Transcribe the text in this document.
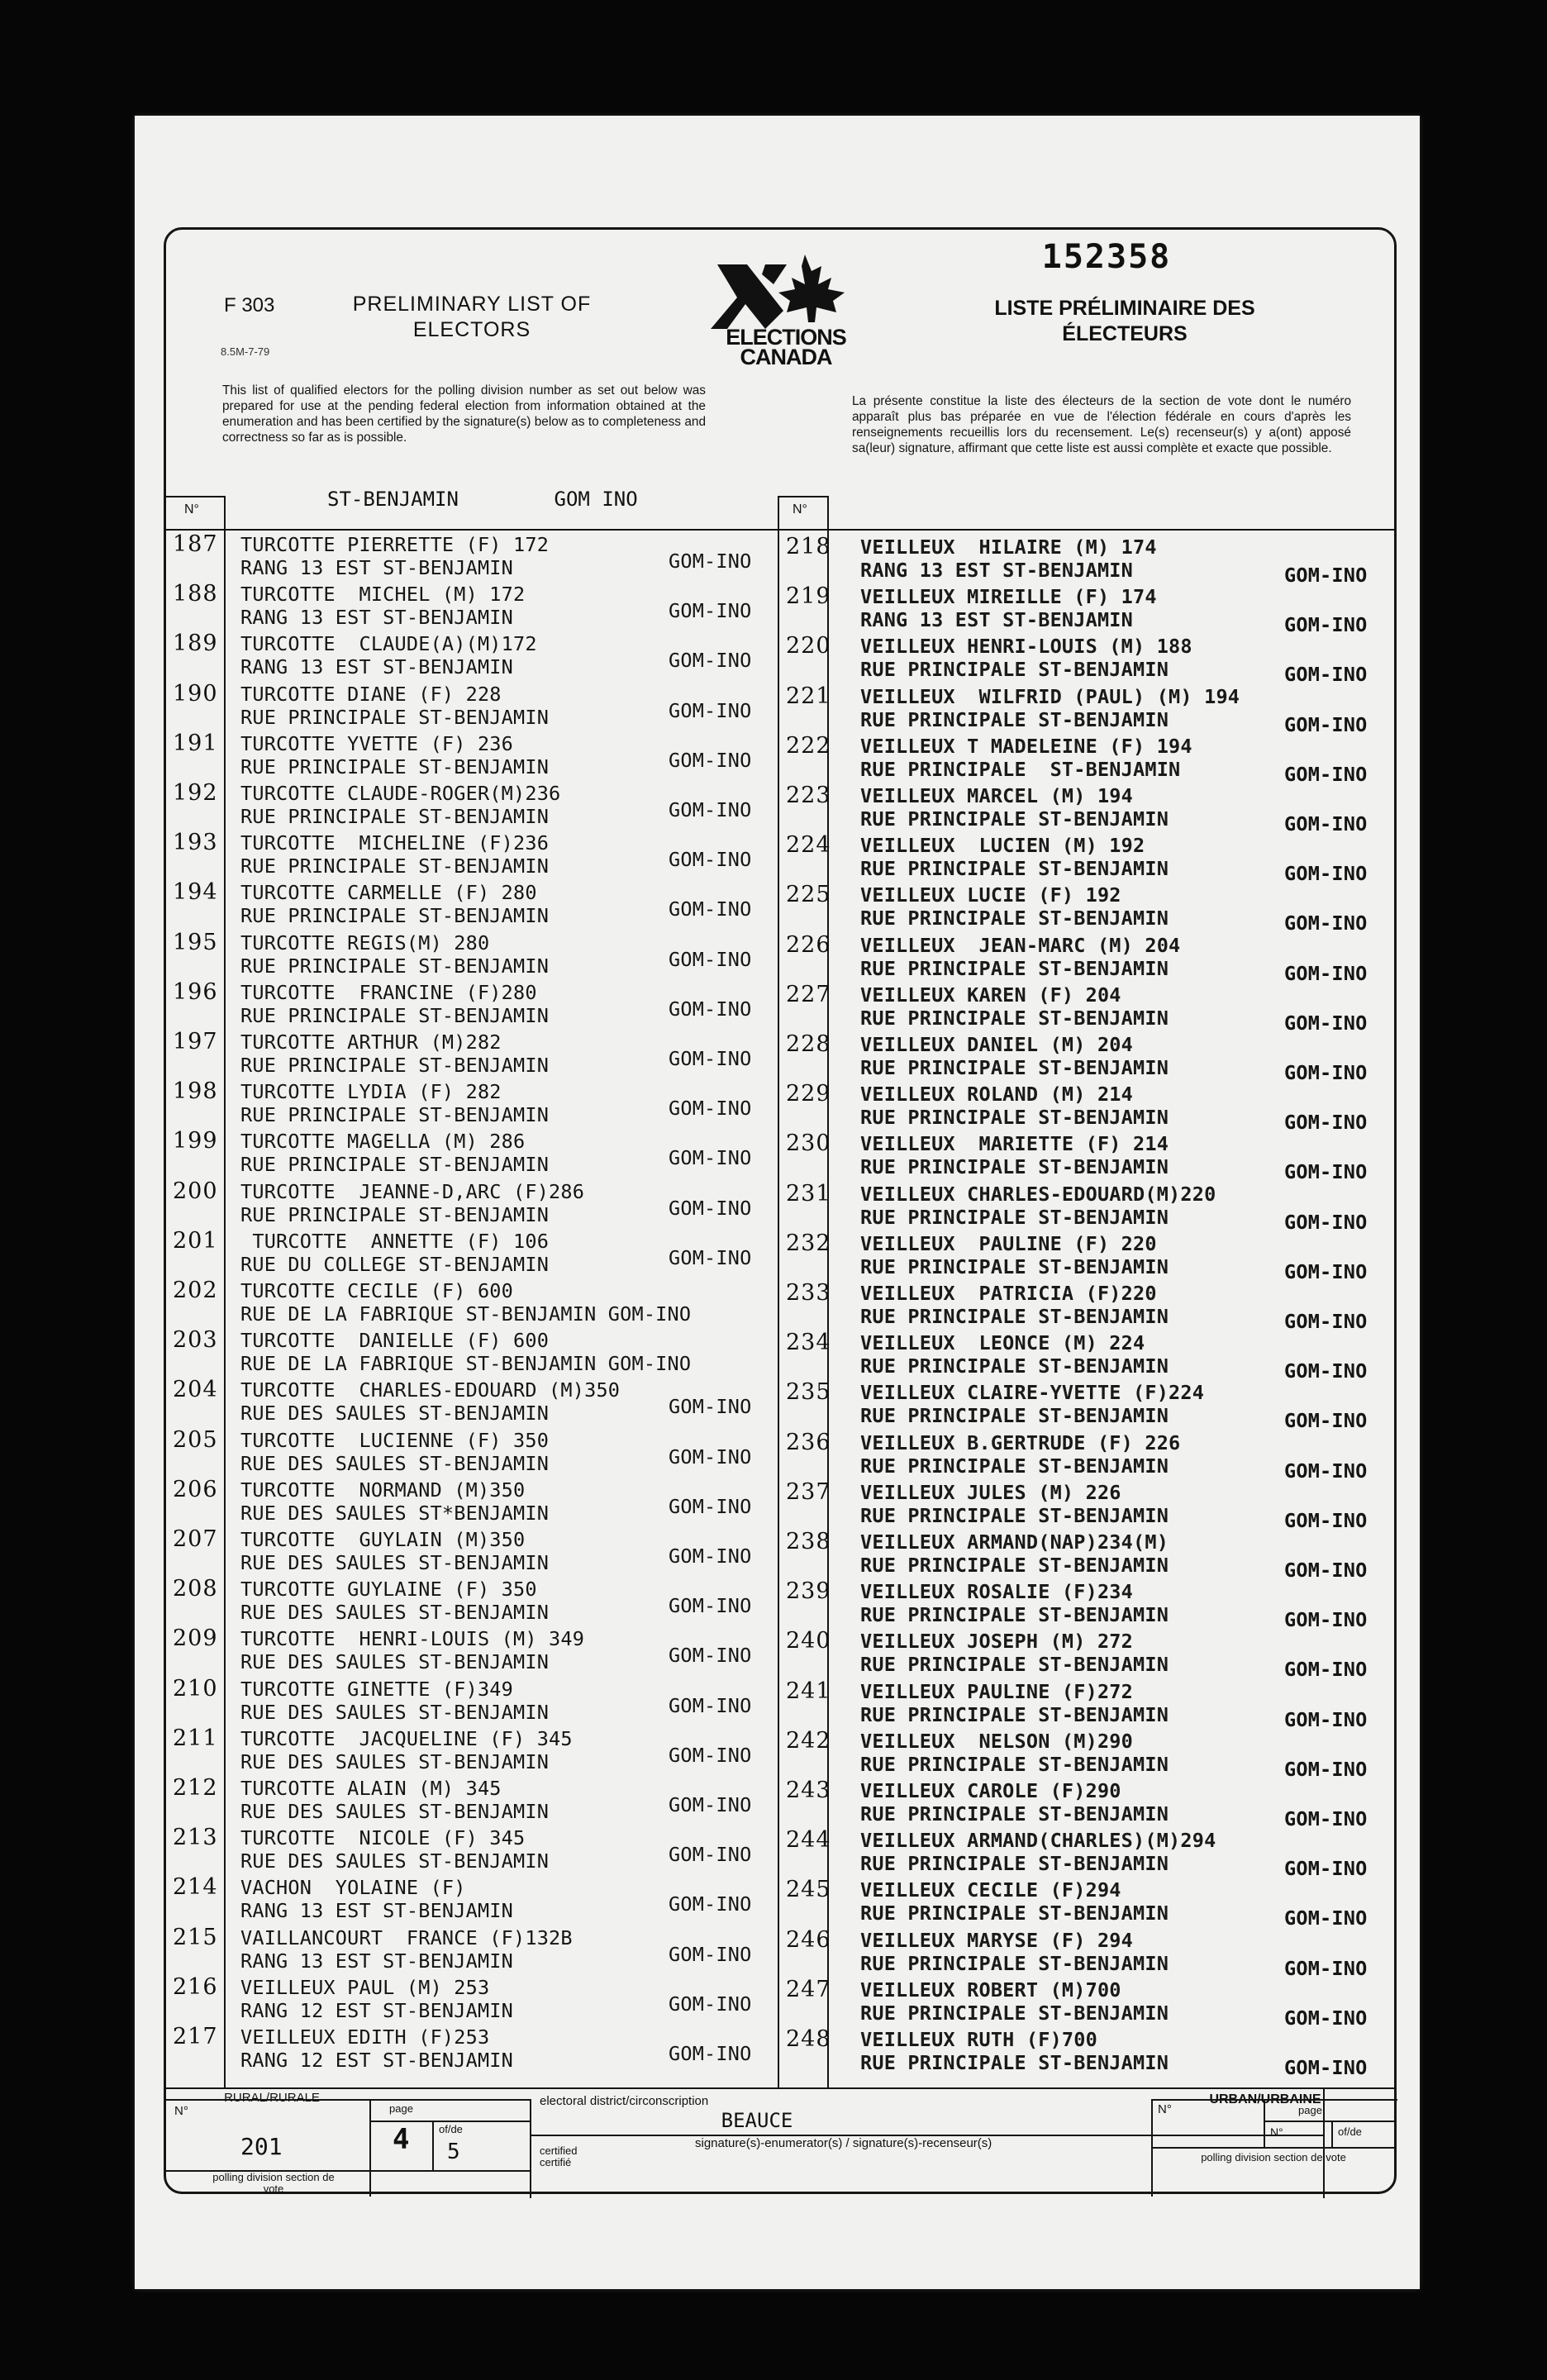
F 303
8.5M-7-79
PRELIMINARY LIST OF ELECTORS	ELECTIONS
CANADA
152358
LISTE PRÉLIMINAIRE DES ÉLECTEURS
This list of qualified electors for the polling division number as set out below was prepared for use at the pending federal election from information obtained at the enumeration and has been certified by the signature(s) below as to completeness and correctness so far as is possible.
La présente constitue la liste des électeurs de la section de vote dont le numéro apparaît plus bas préparée en vue de l'élection fédérale en cours d'après les renseignements recueillis lors du recensement. Le(s) recenseur(s) y a(ont) apposé sa(leur) signature, affirmant que cette liste est aussi complète et exacte que possible.
N°	N°
ST-BENJAMIN        GOM INO
187 TURCOTTE PIERRETTE (F) 172
RANG 13 EST ST-BENJAMIN	GOM-INO
188 TURCOTTE  MICHEL (M) 172
RANG 13 EST ST-BENJAMIN	GOM-INO
189 TURCOTTE  CLAUDE(A)(M)172
RANG 13 EST ST-BENJAMIN	GOM-INO
190 TURCOTTE DIANE (F) 228
RUE PRINCIPALE ST-BENJAMIN	GOM-INO
191 TURCOTTE YVETTE (F) 236
RUE PRINCIPALE ST-BENJAMIN	GOM-INO
192 TURCOTTE CLAUDE-ROGER(M)236
RUE PRINCIPALE ST-BENJAMIN	GOM-INO
193 TURCOTTE  MICHELINE (F)236
RUE PRINCIPALE ST-BENJAMIN	GOM-INO
194 TURCOTTE CARMELLE (F) 280
RUE PRINCIPALE ST-BENJAMIN	GOM-INO
195 TURCOTTE REGIS(M) 280
RUE PRINCIPALE ST-BENJAMIN	GOM-INO
196 TURCOTTE  FRANCINE (F)280
RUE PRINCIPALE ST-BENJAMIN	GOM-INO
197 TURCOTTE ARTHUR (M)282
RUE PRINCIPALE ST-BENJAMIN	GOM-INO
198 TURCOTTE LYDIA (F) 282
RUE PRINCIPALE ST-BENJAMIN	GOM-INO
199 TURCOTTE MAGELLA (M) 286
RUE PRINCIPALE ST-BENJAMIN	GOM-INO
200 TURCOTTE  JEANNE-D,ARC (F)286
RUE PRINCIPALE ST-BENJAMIN	GOM-INO
201 TURCOTTE  ANNETTE (F) 106
RUE DU COLLEGE ST-BENJAMIN	GOM-INO
202 TURCOTTE CECILE (F) 600
RUE DE LA FABRIQUE ST-BENJAMIN GOM-INO
203 TURCOTTE  DANIELLE (F) 600
RUE DE LA FABRIQUE ST-BENJAMIN GOM-INO
204 TURCOTTE  CHARLES-EDOUARD (M)350
RUE DES SAULES ST-BENJAMIN	GOM-INO
205 TURCOTTE  LUCIENNE (F) 350
RUE DES SAULES ST-BENJAMIN	GOM-INO
206 TURCOTTE  NORMAND (M)350
RUE DES SAULES ST*BENJAMIN	GOM-INO
207 TURCOTTE  GUYLAIN (M)350
RUE DES SAULES ST-BENJAMIN	GOM-INO
208 TURCOTTE GUYLAINE (F) 350
RUE DES SAULES ST-BENJAMIN	GOM-INO
209 TURCOTTE  HENRI-LOUIS (M) 349
RUE DES SAULES ST-BENJAMIN	GOM-INO
210 TURCOTTE GINETTE (F)349
RUE DES SAULES ST-BENJAMIN	GOM-INO
211 TURCOTTE  JACQUELINE (F) 345
RUE DES SAULES ST-BENJAMIN	GOM-INO
212 TURCOTTE ALAIN (M) 345
RUE DES SAULES ST-BENJAMIN	GOM-INO
213 TURCOTTE  NICOLE (F) 345
RUE DES SAULES ST-BENJAMIN	GOM-INO
214 VACHON  YOLAINE (F)
RANG 13 EST ST-BENJAMIN	GOM-INO
215 VAILLANCOURT  FRANCE (F)132B
RANG 13 EST ST-BENJAMIN	GOM-INO
216 VEILLEUX PAUL (M) 253
RANG 12 EST ST-BENJAMIN	GOM-INO
217 VEILLEUX EDITH (F)253
RANG 12 EST ST-BENJAMIN	GOM-INO
218 VEILLEUX  HILAIRE (M) 174
RANG 13 EST ST-BENJAMIN	GOM-INO
219 VEILLEUX MIREILLE (F) 174
RANG 13 EST ST-BENJAMIN	GOM-INO
220 VEILLEUX HENRI-LOUIS (M) 188
RUE PRINCIPALE ST-BENJAMIN	GOM-INO
221 VEILLEUX  WILFRID (PAUL) (M) 194
RUE PRINCIPALE ST-BENJAMIN	GOM-INO
222 VEILLEUX T MADELEINE (F) 194
RUE PRINCIPALE  ST-BENJAMIN	GOM-INO
223 VEILLEUX MARCEL (M) 194
RUE PRINCIPALE ST-BENJAMIN	GOM-INO
224 VEILLEUX  LUCIEN (M) 192
RUE PRINCIPALE ST-BENJAMIN	GOM-INO
225 VEILLEUX LUCIE (F) 192
RUE PRINCIPALE ST-BENJAMIN	GOM-INO
226 VEILLEUX  JEAN-MARC (M) 204
RUE PRINCIPALE ST-BENJAMIN	GOM-INO
227 VEILLEUX KAREN (F) 204
RUE PRINCIPALE ST-BENJAMIN	GOM-INO
228 VEILLEUX DANIEL (M) 204
RUE PRINCIPALE ST-BENJAMIN	GOM-INO
229 VEILLEUX ROLAND (M) 214
RUE PRINCIPALE ST-BENJAMIN	GOM-INO
230 VEILLEUX  MARIETTE (F) 214
RUE PRINCIPALE ST-BENJAMIN	GOM-INO
231 VEILLEUX CHARLES-EDOUARD(M)220
RUE PRINCIPALE ST-BENJAMIN	GOM-INO
232 VEILLEUX  PAULINE (F) 220
RUE PRINCIPALE ST-BENJAMIN	GOM-INO
233 VEILLEUX  PATRICIA (F)220
RUE PRINCIPALE ST-BENJAMIN	GOM-INO
234 VEILLEUX  LEONCE (M) 224
RUE PRINCIPALE ST-BENJAMIN	GOM-INO
235 VEILLEUX CLAIRE-YVETTE (F)224
RUE PRINCIPALE ST-BENJAMIN	GOM-INO
236 VEILLEUX B.GERTRUDE (F) 226
RUE PRINCIPALE ST-BENJAMIN	GOM-INO
237 VEILLEUX JULES (M) 226
RUE PRINCIPALE ST-BENJAMIN	GOM-INO
238 VEILLEUX ARMAND(NAP)234(M)
RUE PRINCIPALE ST-BENJAMIN	GOM-INO
239 VEILLEUX ROSALIE (F)234
RUE PRINCIPALE ST-BENJAMIN	GOM-INO
240 VEILLEUX JOSEPH (M) 272
RUE PRINCIPALE ST-BENJAMIN	GOM-INO
241 VEILLEUX PAULINE (F)272
RUE PRINCIPALE ST-BENJAMIN	GOM-INO
242 VEILLEUX  NELSON (M)290
RUE PRINCIPALE ST-BENJAMIN	GOM-INO
243 VEILLEUX CAROLE (F)290
RUE PRINCIPALE ST-BENJAMIN	GOM-INO
244 VEILLEUX ARMAND(CHARLES)(M)294
RUE PRINCIPALE ST-BENJAMIN	GOM-INO
245 VEILLEUX CECILE (F)294
RUE PRINCIPALE ST-BENJAMIN	GOM-INO
246 VEILLEUX MARYSE (F) 294
RUE PRINCIPALE ST-BENJAMIN	GOM-INO
247 VEILLEUX ROBERT (M)700
RUE PRINCIPALE ST-BENJAMIN	GOM-INO
248 VEILLEUX RUTH (F)700
RUE PRINCIPALE ST-BENJAMIN	GOM-INO
RURAL/RURALE	URBAN/URBAINE
N°	page
of/de
201	4 5
polling division section de vote
electoral district/circonscription
BEAUCE
signature(s)-enumerator(s) / signature(s)-recenseur(s)
certified certifié
N°	page
N°	of/de
polling division section de vote
